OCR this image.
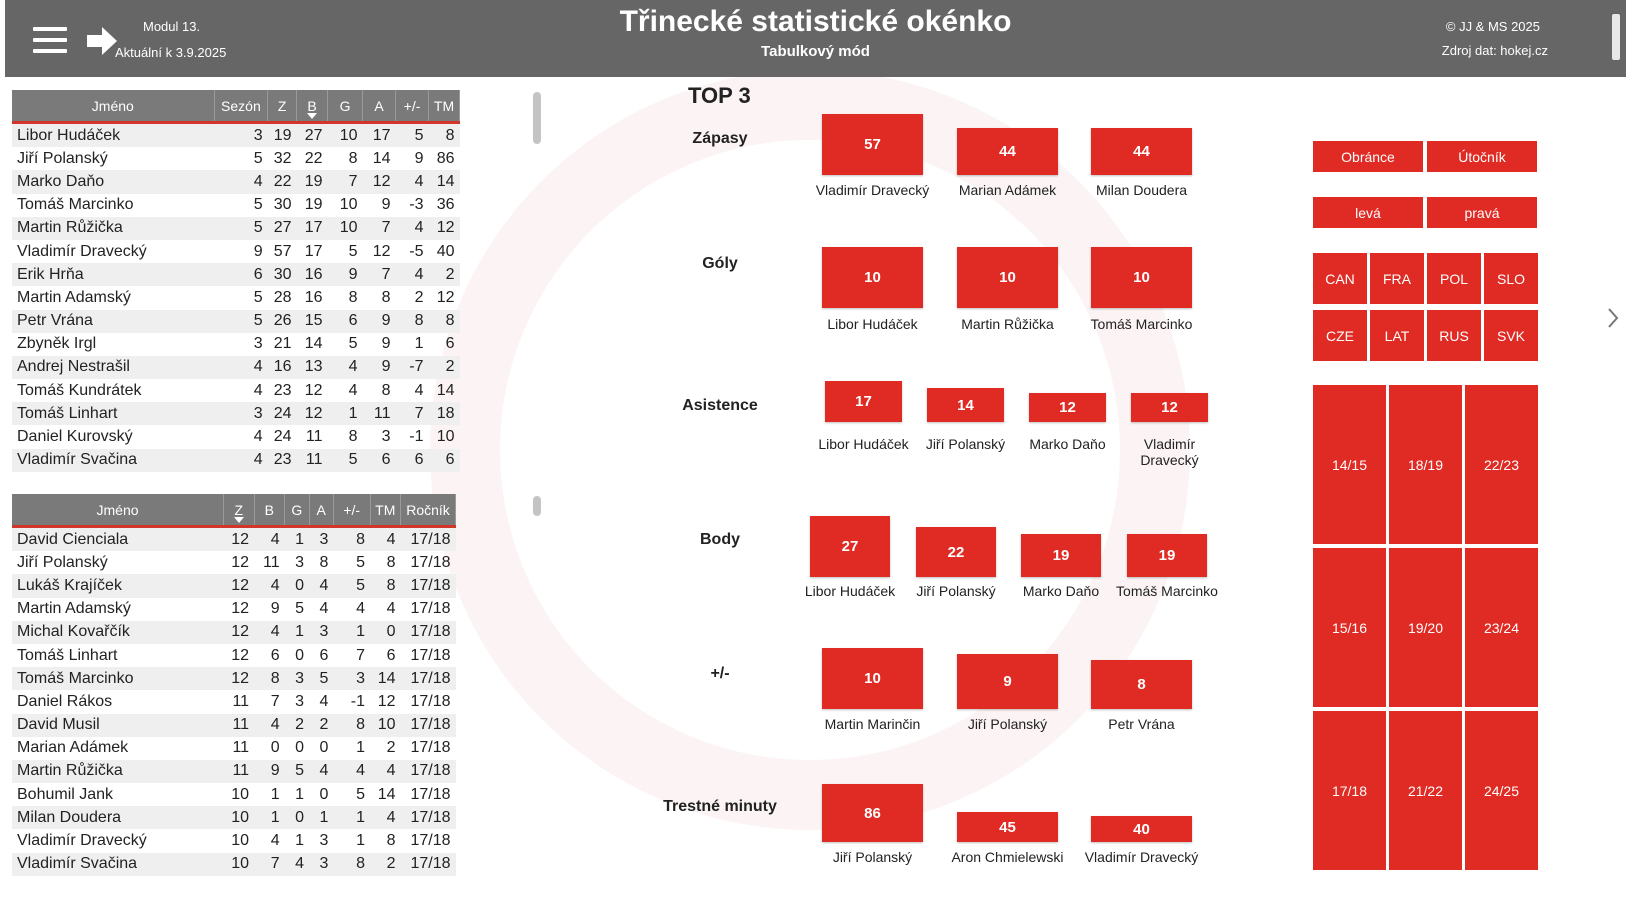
Modul 13.
Aktuální k 3.9.2025
Třinecké statistické okénko
Tabulkový mód
© JJ & MS 2025
Zdroj dat: hokej.cz
Jméno	Sezón	Z	B	G	A	+/-	TM
Libor Hudáček	3	19	27	10	17	5	8
Jiří Polanský	5	32	22	8	14	9	86
Marko Daňo	4	22	19	7	12	4	14
Tomáš Marcinko	5	30	19	10	9	-3	36
Martin Růžička	5	27	17	10	7	4	12
Vladimír Dravecký	9	57	17	5	12	-5	40
Erik Hrňa	6	30	16	9	7	4	2
Martin Adamský	5	28	16	8	8	2	12
Petr Vrána	5	26	15	6	9	8	8
Zbyněk Irgl	3	21	14	5	9	1	6
Andrej Nestrašil	4	16	13	4	9	-7	2
Tomáš Kundrátek	4	23	12	4	8	4	14
Tomáš Linhart	3	24	12	1	11	7	18
Daniel Kurovský	4	24	11	8	3	-1	10
Vladimír Svačina	4	23	11	5	6	6	6
Jméno	Z	B	G	A	+/-	TM	Ročník
David Cienciala	12	4	1	3	8	4	17/18
Jiří Polanský	12	11	3	8	5	8	17/18
Lukáš Krajíček	12	4	0	4	5	8	17/18
Martin Adamský	12	9	5	4	4	4	17/18
Michal Kovařčík	12	4	1	3	1	0	17/18
Tomáš Linhart	12	6	0	6	7	6	17/18
Tomáš Marcinko	12	8	3	5	3	14	17/18
Daniel Rákos	11	7	3	4	-1	12	17/18
David Musil	11	4	2	2	8	10	17/18
Marian Adámek	11	0	0	0	1	2	17/18
Martin Růžička	11	9	5	4	4	4	17/18
Bohumil Jank	10	1	1	0	5	14	17/18
Milan Doudera	10	1	0	1	1	4	17/18
Vladimír Dravecký	10	4	1	3	1	8	17/18
Vladimír Svačina	10	7	4	3	8	2	17/18
TOP 3
Zápasy	57
Vladimír Dravecký
44
Marian Adámek
44
Milan Doudera
Góly
10
Libor Hudáček
10
Martin Růžička
10
Tomáš Marcinko
Asistence	17
Libor Hudáček
14
Jiří Polanský
12
Marko Daňo
12
Vladimír Dravecký
Body	27
Libor Hudáček
22
Jiří Polanský
19
Marko Daňo
19
Tomáš Marcinko
+/-	10
Martin Marinčin
9
Jiří Polanský
8
Petr Vrána
Trestné minuty	86
Jiří Polanský
45
Aron Chmielewski
40
Vladimír Dravecký
Obránce	Útočník
levá	pravá
CAN	FRA	POL	SLO
CZE	LAT	RUS	SVK
14/15	18/19	22/23
15/16	19/20	23/24
17/18	21/22	24/25
